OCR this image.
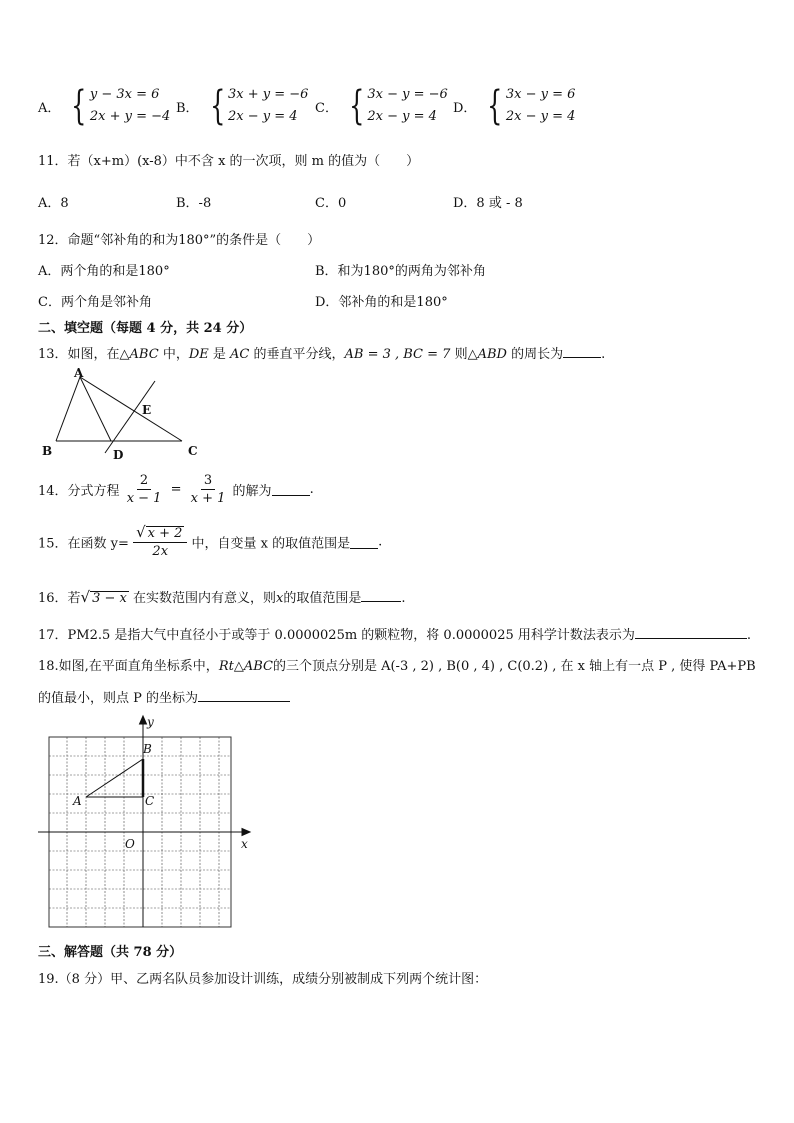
A． { y − 3x = 6
2x + y = −4
B． { 3x + y = −6
2x − y = 4
C． { 3x − y = −6
2x − y = 4
D． { 3x − y = 6
2x − y = 4
11．若（x+m）(x-8）中不含 x 的一次项，则 m 的值为（　　）
A．8	B．-8	C．0	D．8 或 - 8
12．命题“邻补角的和为180°”的条件是（　　）
A．两个角的和是180°	B．和为180°的两角为邻补角
C．两个角是邻补角	D．邻补角的和是180°
二、填空题（每题 4 分，共 24 分）
13．如图，在△ABC 中，DE 是 AC 的垂直平分线，AB = 3 , BC = 7 则△ABD 的周长为	.
A
B	C
D
E
14．分式方程 $\frac{2}{x - 1} = \frac{3}{x + 1}$ 的解为	.
15．在函数 $y= \frac{√ x + 2}{2x}$ 中，自变量 x 的取值范围是 .
16．若√ 3 − x 在实数范围内有意义，则x的取值范围是	.
17．PM2.5 是指大气中直径小于或等于 0.0000025m 的颗粒物，将 0.0000025 用科学计数法表示为	.
18.如图,在平面直角坐标系中，Rt△ABC的三个顶点分别是 A(-3 , 2) , B(0 , 4) , C(0.2) , 在 x 轴上有一点 P , 使得 PA+PB
的值最小，则点 P 的坐标为
y
x
O
A
B
C
三、解答题（共 78 分）
19.（8 分）甲、乙两名队员参加设计训练，成绩分别被制成下列两个统计图：
